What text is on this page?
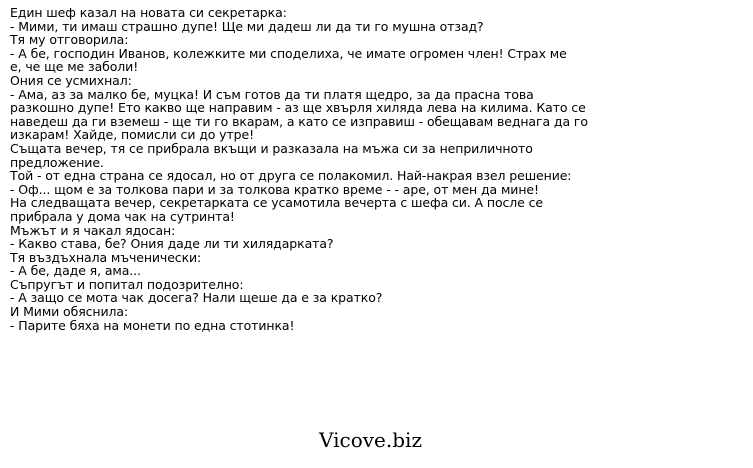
Един шеф казал на новата си секретарка:
- Мими, ти имаш страшно дупе! Ще ми дадеш ли да ти го мушна отзад?
Тя му отговорила:
- А бе, господин Иванов, колежките ми споделиха, че имате огромен член! Страх ме
е, че ще ме заболи!
Ония се усмихнал:
- Ама, аз за малко бе, муцка! И съм готов да ти платя щедро, за да прасна това
разкошно дупе! Ето какво ще направим - аз ще хвърля хиляда лева на килима. Като се
наведеш да ги вземеш - ще ти го вкарам, а като се изправиш - обещавам веднага да го
изкарам! Хайде, помисли си до утре!
Същата вечер, тя се прибрала вкъщи и разказала на мъжа си за неприличното
предложение.
Той - от една страна се ядосал, но от друга се полакомил. Най-накрая взел решение:
- Оф... щом е за толкова пари и за толкова кратко време - - аре, от мен да мине!
На следващата вечер, секретарката се усамотила вечерта с шефа си. А после се
прибрала у дома чак на сутринта!
Мъжът и я чакал ядосан:
- Какво става, бе? Ония даде ли ти хилядарката?
Тя въздъхнала мъченически:
- А бе, даде я, ама...
Съпругът и попитал подозрително:
- А защо се мота чак досега? Нали щеше да е за кратко?
И Мими обяснила:
- Парите бяха на монети по една стотинка!
Vicove.biz
